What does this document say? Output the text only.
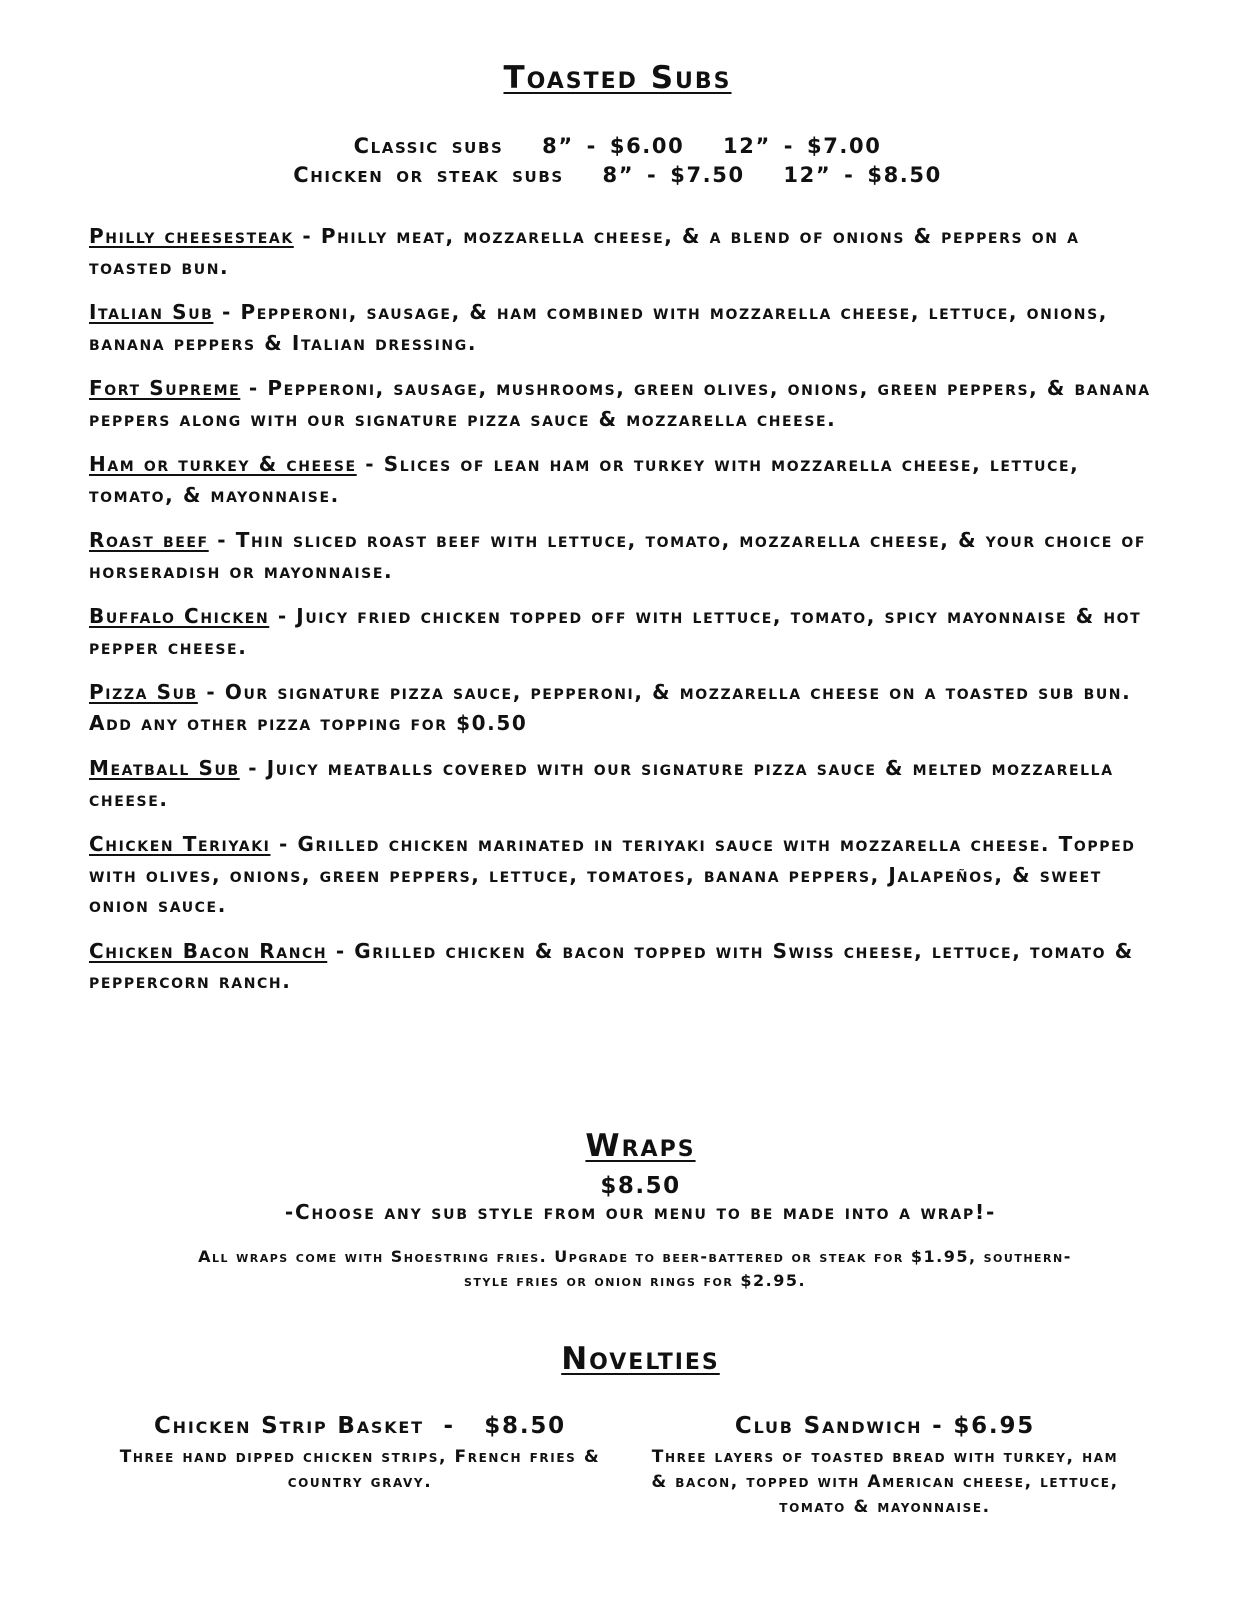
Toasted Subs
Classic subs   8” - $6.00   12” - $7.00
Chicken or steak subs   8” - $7.50   12” - $8.50
Philly cheesesteak - Philly meat, mozzarella cheese, & a blend of onions & peppers on a toasted bun.
Italian Sub - Pepperoni, sausage, & ham combined with mozzarella cheese, lettuce, onions, banana peppers & Italian dressing.
Fort Supreme - Pepperoni, sausage, mushrooms, green olives, onions, green peppers, & banana peppers along with our signature pizza sauce & mozzarella cheese.
Ham or turkey & cheese - Slices of lean ham or turkey with mozzarella cheese, lettuce, tomato, & mayonnaise.
Roast beef - Thin sliced roast beef with lettuce, tomato, mozzarella cheese, & your choice of horseradish or mayonnaise.
Buffalo Chicken - Juicy fried chicken topped off with lettuce, tomato, spicy mayonnaise & hot pepper cheese.
Pizza Sub - Our signature pizza sauce, pepperoni, & mozzarella cheese on a toasted sub bun. Add any other pizza topping for $0.50
Meatball Sub - Juicy meatballs covered with our signature pizza sauce & melted mozzarella cheese.
Chicken Teriyaki - Grilled chicken marinated in teriyaki sauce with mozzarella cheese. Topped with olives, onions, green peppers, lettuce, tomatoes, banana peppers, Jalapeños, & sweet onion sauce.
Chicken Bacon Ranch - Grilled chicken & bacon topped with Swiss cheese, lettuce, tomato & peppercorn ranch.
Wraps
$8.50
-Choose any sub style from our menu to be made into a wrap!-
All wraps come with Shoestring fries. Upgrade to beer-battered or steak for $1.95, southern-style fries or onion rings for $2.95.
Novelties
Chicken Strip Basket  -   $8.50
Three hand dipped chicken strips, French fries & country gravy.
Club Sandwich - $6.95
Three layers of toasted bread with turkey, ham & bacon, topped with American cheese, lettuce, tomato & mayonnaise.
